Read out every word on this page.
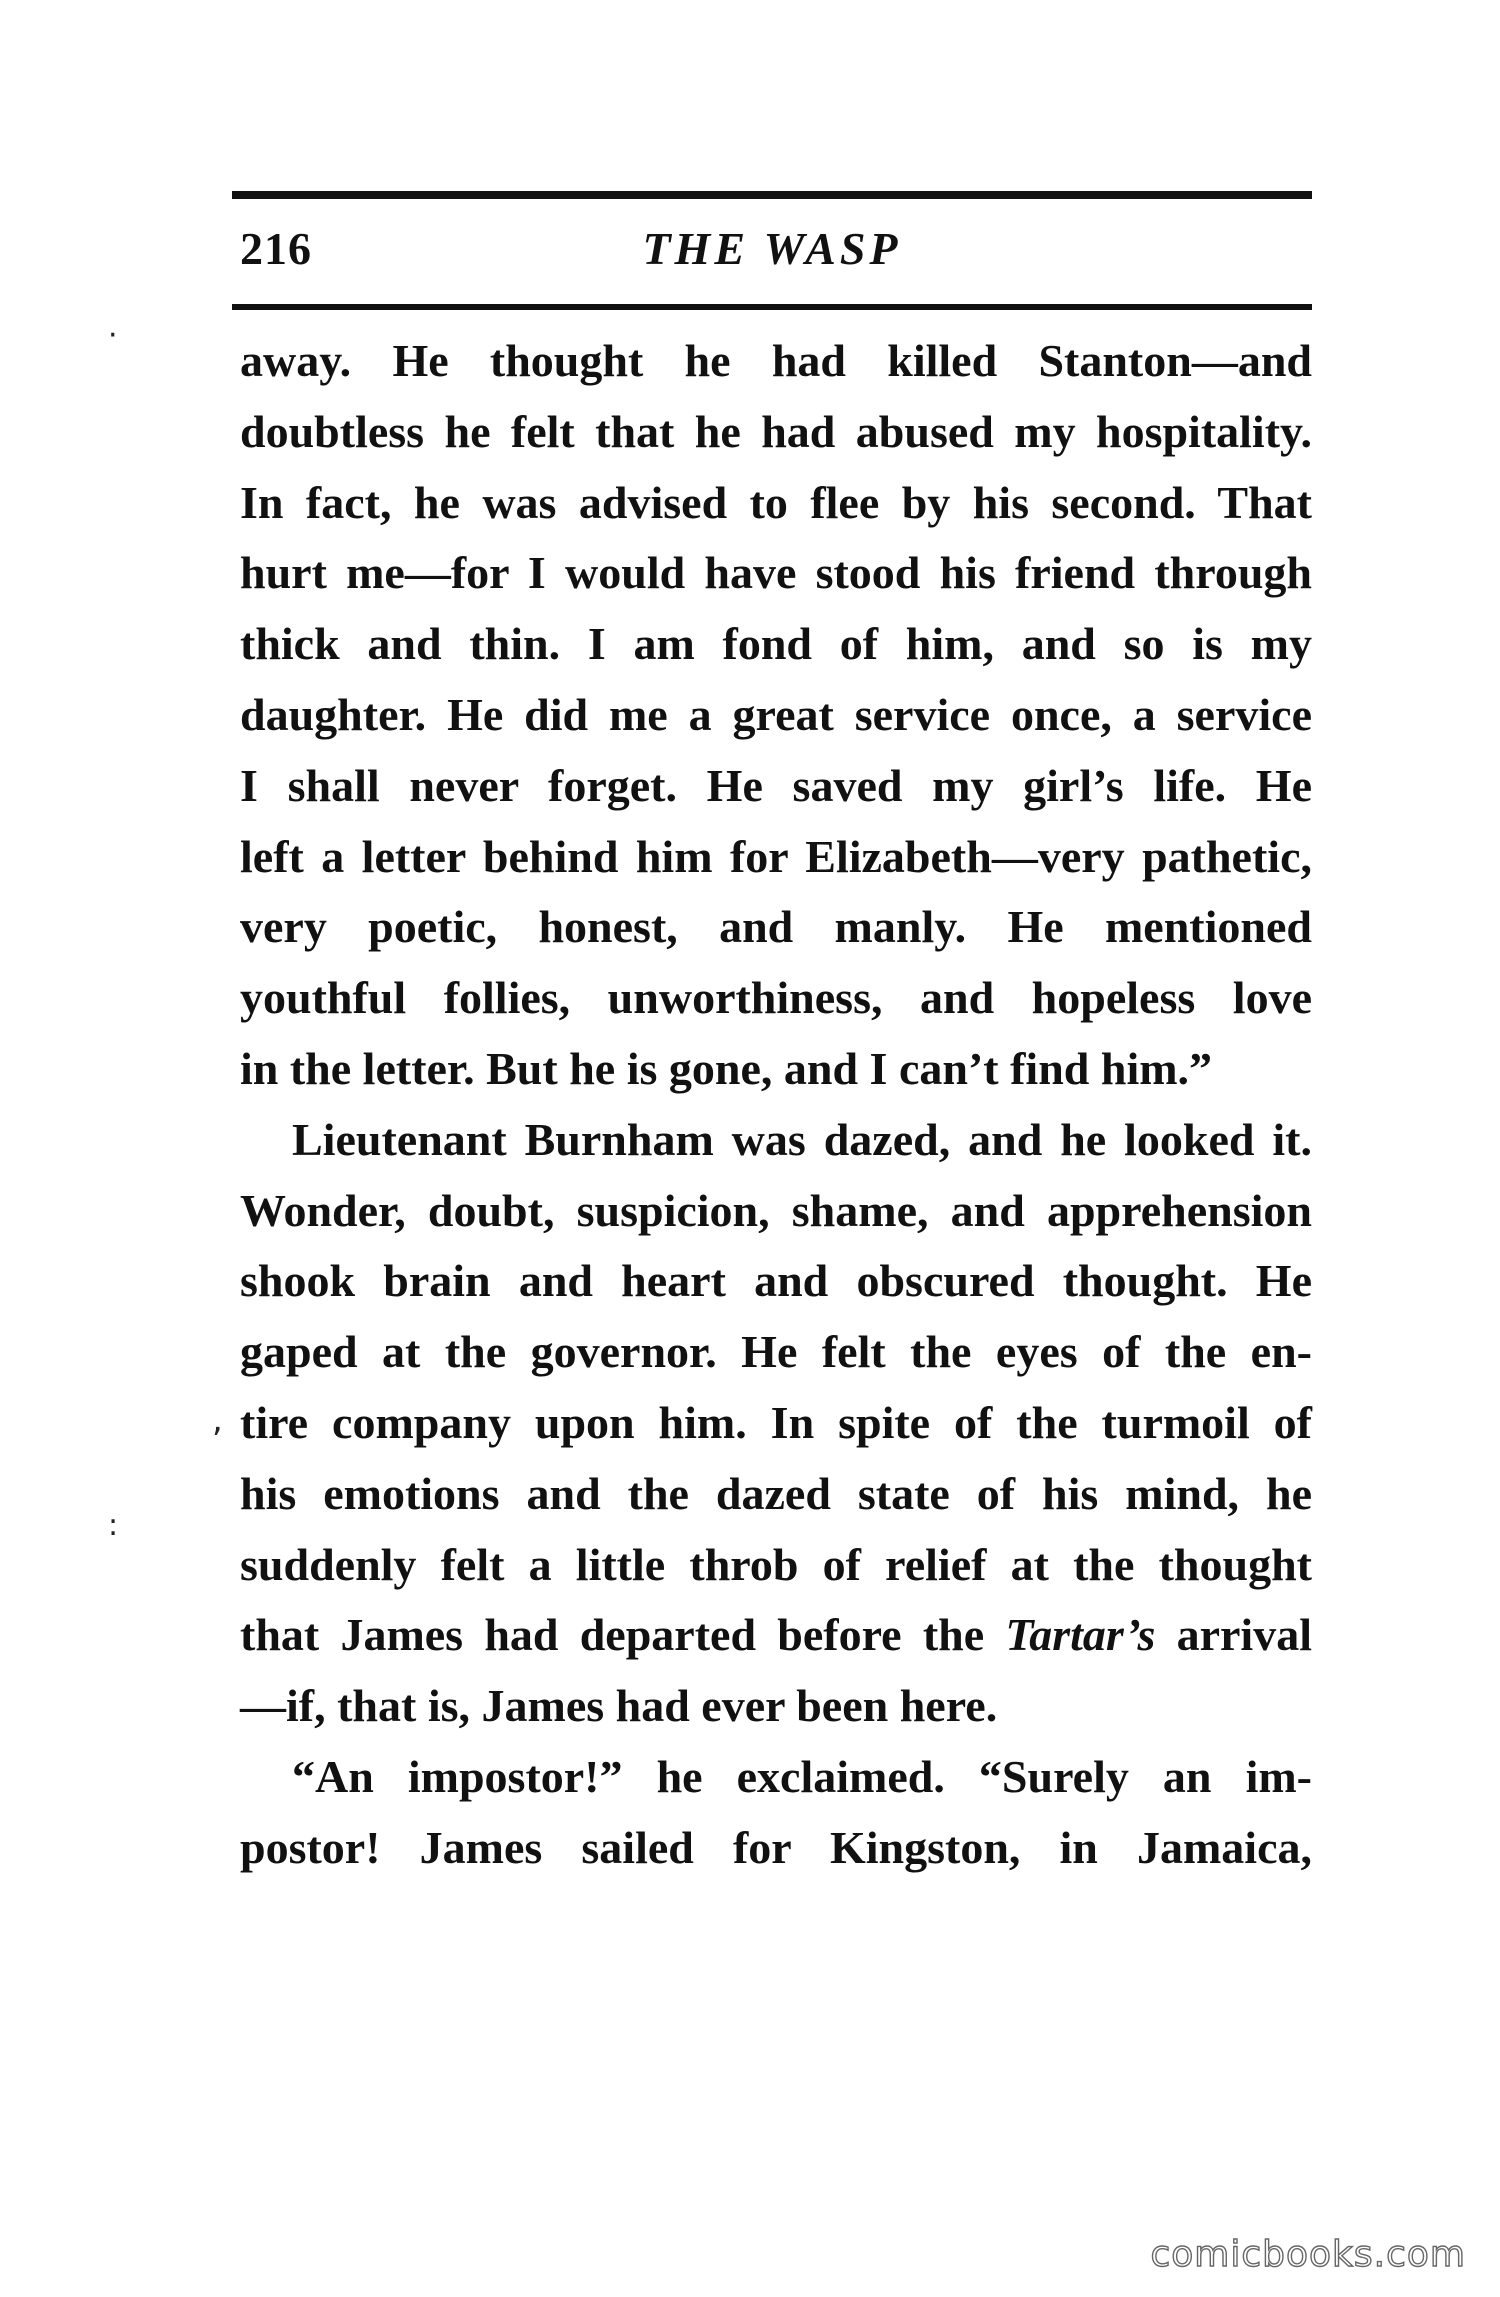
216	THE WASP
·
,
:
away. He thought he had killed Stanton—and
doubtless he felt that he had abused my hospitality.
In fact, he was advised to flee by his second. That
hurt me—for I would have stood his friend through
thick and thin. I am fond of him, and so is my
daughter. He did me a great service once, a service
I shall never forget. He saved my girl’s life. He
left a letter behind him for Elizabeth—very pathetic,
very poetic, honest, and manly. He mentioned
youthful follies, unworthiness, and hopeless love
in the letter. But he is gone, and I can’t find him.”
Lieutenant Burnham was dazed, and he looked it.
Wonder, doubt, suspicion, shame, and apprehension
shook brain and heart and obscured thought. He
gaped at the governor. He felt the eyes of the en-
tire company upon him. In spite of the turmoil of
his emotions and the dazed state of his mind, he
suddenly felt a little throb of relief at the thought
that James had departed before the Tartar’s arrival
—if, that is, James had ever been here.
“An impostor!” he exclaimed. “Surely an im-
postor! James sailed for Kingston, in Jamaica,
comicbooks.com
